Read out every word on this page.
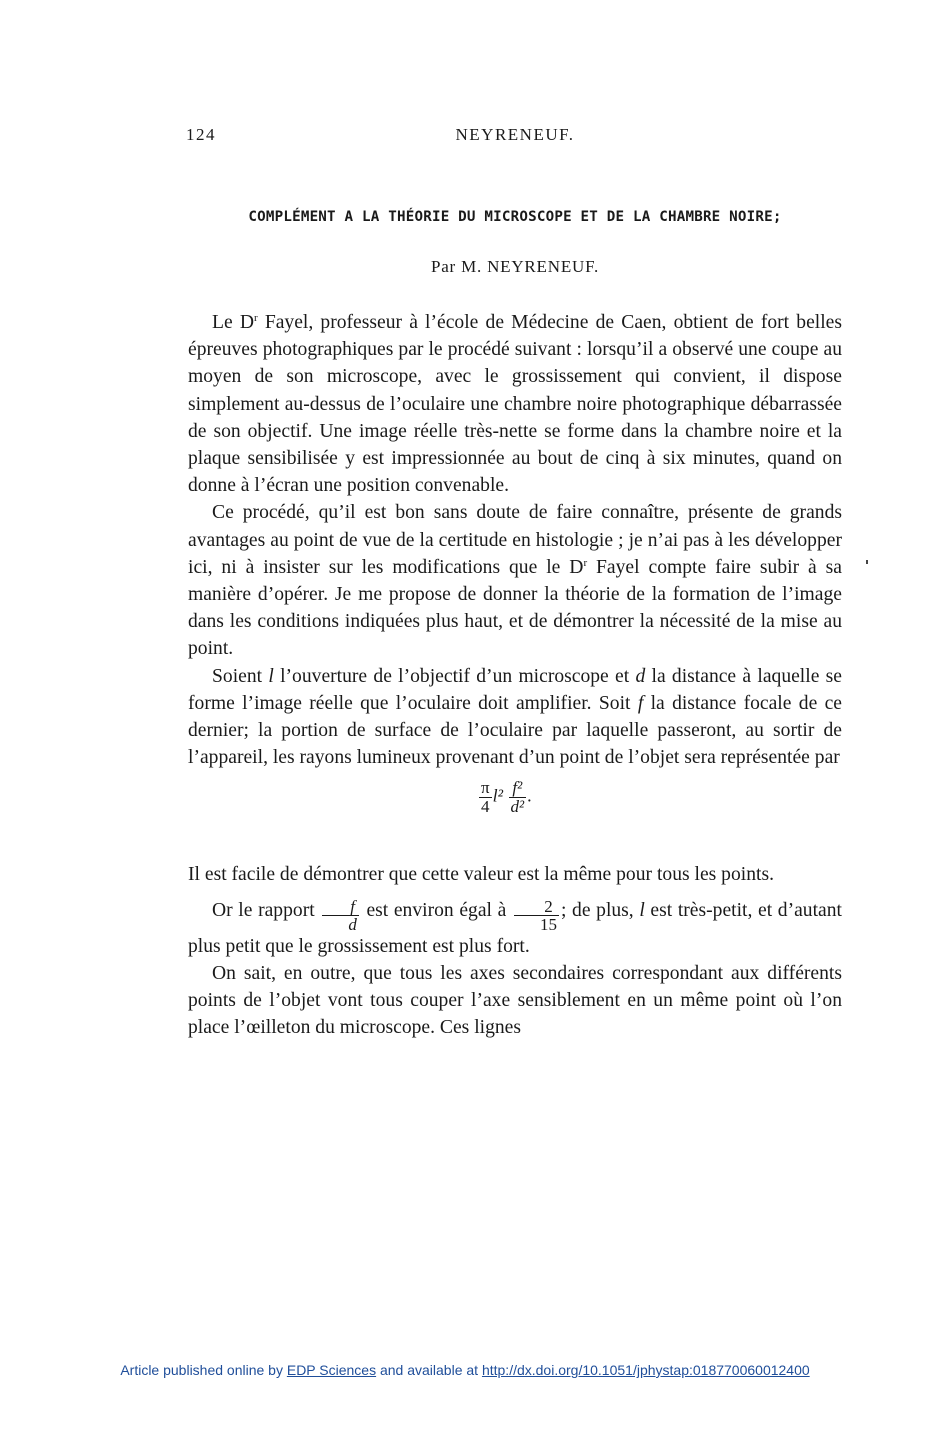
124	NEYRENEUF.
COMPLÉMENT A LA THÉORIE DU MICROSCOPE ET DE LA CHAMBRE NOIRE;
Par M. NEYRENEUF.

Le $D^r$ Fayel, professeur à l’école de Médecine de Caen, obtient de fort belles épreuves photographiques par le procédé suivant : lorsqu’il a observé une coupe au moyen de son microscope, avec le grossissement qui convient, il dispose simplement au-dessus de l’oculaire une chambre noire photographique débarrassée de son objectif. Une image réelle très-nette se forme dans la chambre noire et la plaque sensibilisée y est impressionnée au bout de cinq à six minutes, quand on donne à l’écran une position convenable.

Ce procédé, qu’il est bon sans doute de faire connaître, présente de grands avantages au point de vue de la certitude en histologie ; je n’ai pas à les développer ici, ni à insister sur les modifications que le $D^r$ Fayel compte faire subir à sa manière d’opérer. Je me propose de donner la théorie de la formation de l’image dans les conditions indiquées plus haut, et de démontrer la nécessité de la mise au point.

Soient l l’ouverture de l’objectif d’un microscope et d la distance à laquelle se forme l’image réelle que l’oculaire doit amplifier. Soit f la distance focale de ce dernier; la portion de surface de l’oculaire par laquelle passeront, au sortir de l’appareil, les rayons lumineux provenant d’un point de l’objet sera représentée par

$\frac{\pi}{4} l^2 \frac{\text{f²}}{\text{d²}}$ .

Il est facile de démontrer que cette valeur est la même pour tous les points.

Or le rapport $\frac{f}{d}$ est environ égal à $\frac{2}{15}$ ; de plus, l est très-petit, et d’autant plus petit que le grossissement est plus fort.

On sait, en outre, que tous les axes secondaires correspondant aux différents points de l’objet vont tous couper l’axe sensiblement en un même point où l’on place l’œilleton du microscope. Ces lignes

Article published online by EDP Sciences and available at http://dx.doi.org/10.1051/jphystap:018770060012400
